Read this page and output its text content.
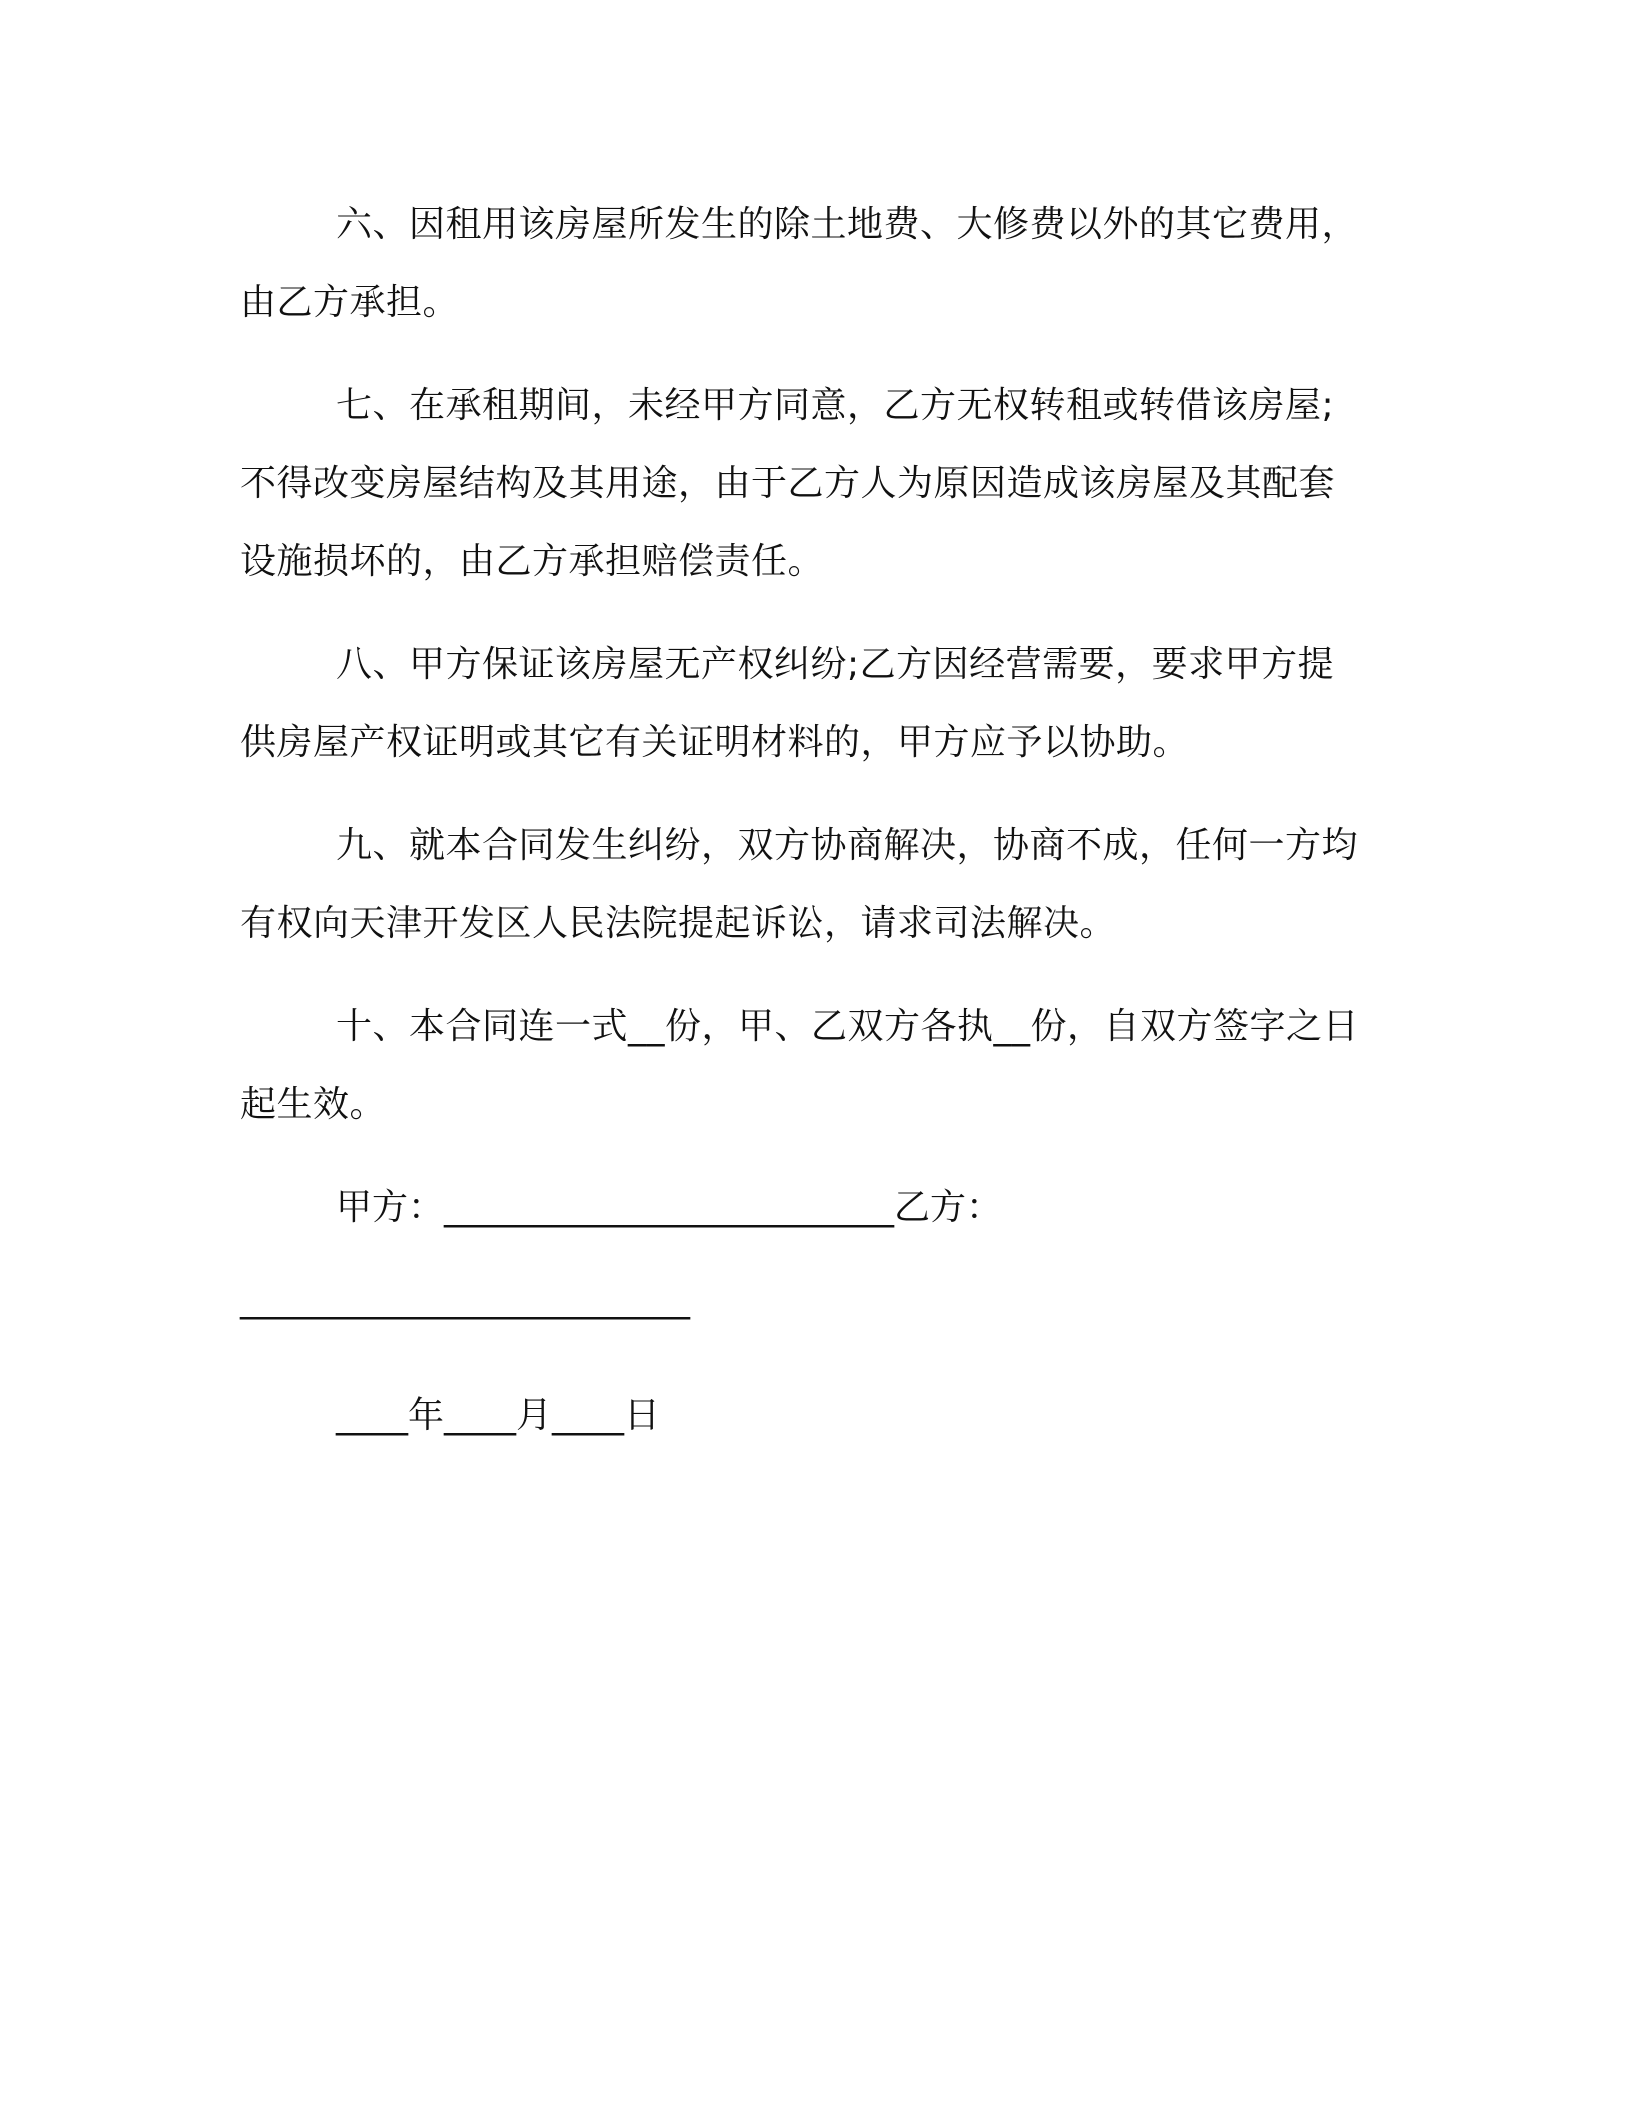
六、因租用该房屋所发生的除土地费、大修费以外的其它费用，
由乙方承担。
七、在承租期间，未经甲方同意，乙方无权转租或转借该房屋;
不得改变房屋结构及其用途，由于乙方人为原因造成该房屋及其配套
设施损坏的，由乙方承担赔偿责任。
八、甲方保证该房屋无产权纠纷;乙方因经营需要，要求甲方提
供房屋产权证明或其它有关证明材料的，甲方应予以协助。
九、就本合同发生纠纷，双方协商解决，协商不成，任何一方均
有权向天津开发区人民法院提起诉讼，请求司法解决。
十、本合同连一式__份，甲、乙双方各执__份，自双方签字之日
起生效。
甲方：_________________________乙方：
_________________________
____年____月____日
